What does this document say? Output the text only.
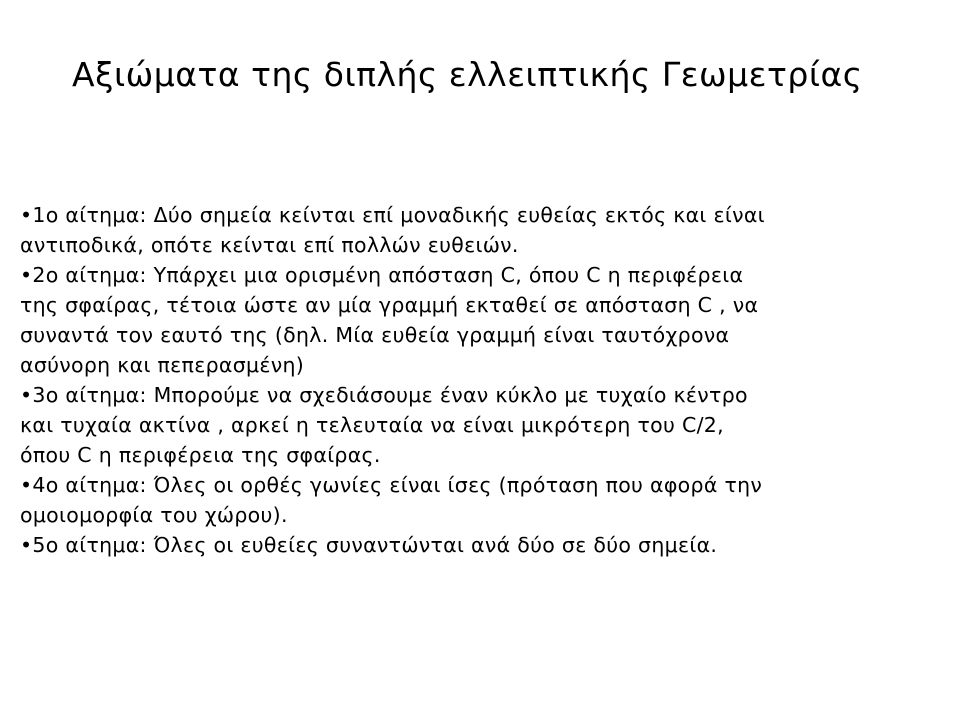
Αξιώματα της διπλής ελλειπτικής Γεωμετρίας
•1ο αίτημα: Δύο σημεία κείνται επί μοναδικής ευθείας εκτός και είναι
αντιποδικά, οπότε κείνται επί πολλών ευθειών.
•2ο αίτημα: Υπάρχει μια ορισμένη απόσταση C, όπου C η περιφέρεια
της σφαίρας, τέτοια ώστε αν μία γραμμή εκταθεί σε απόσταση C , να
συναντά τον εαυτό της (δηλ. Μία ευθεία γραμμή είναι ταυτόχρονα
ασύνορη και πεπερασμένη)
•3ο αίτημα: Μπορούμε να σχεδιάσουμε έναν κύκλο με τυχαίο κέντρο
και τυχαία ακτίνα , αρκεί η τελευταία να είναι μικρότερη του C/2,
όπου C η περιφέρεια της σφαίρας.
•4ο αίτημα: Όλες οι ορθές γωνίες είναι ίσες (πρόταση που αφορά την
ομοιομορφία του χώρου).
•5ο αίτημα: Όλες οι ευθείες συναντώνται ανά δύο σε δύο σημεία.
